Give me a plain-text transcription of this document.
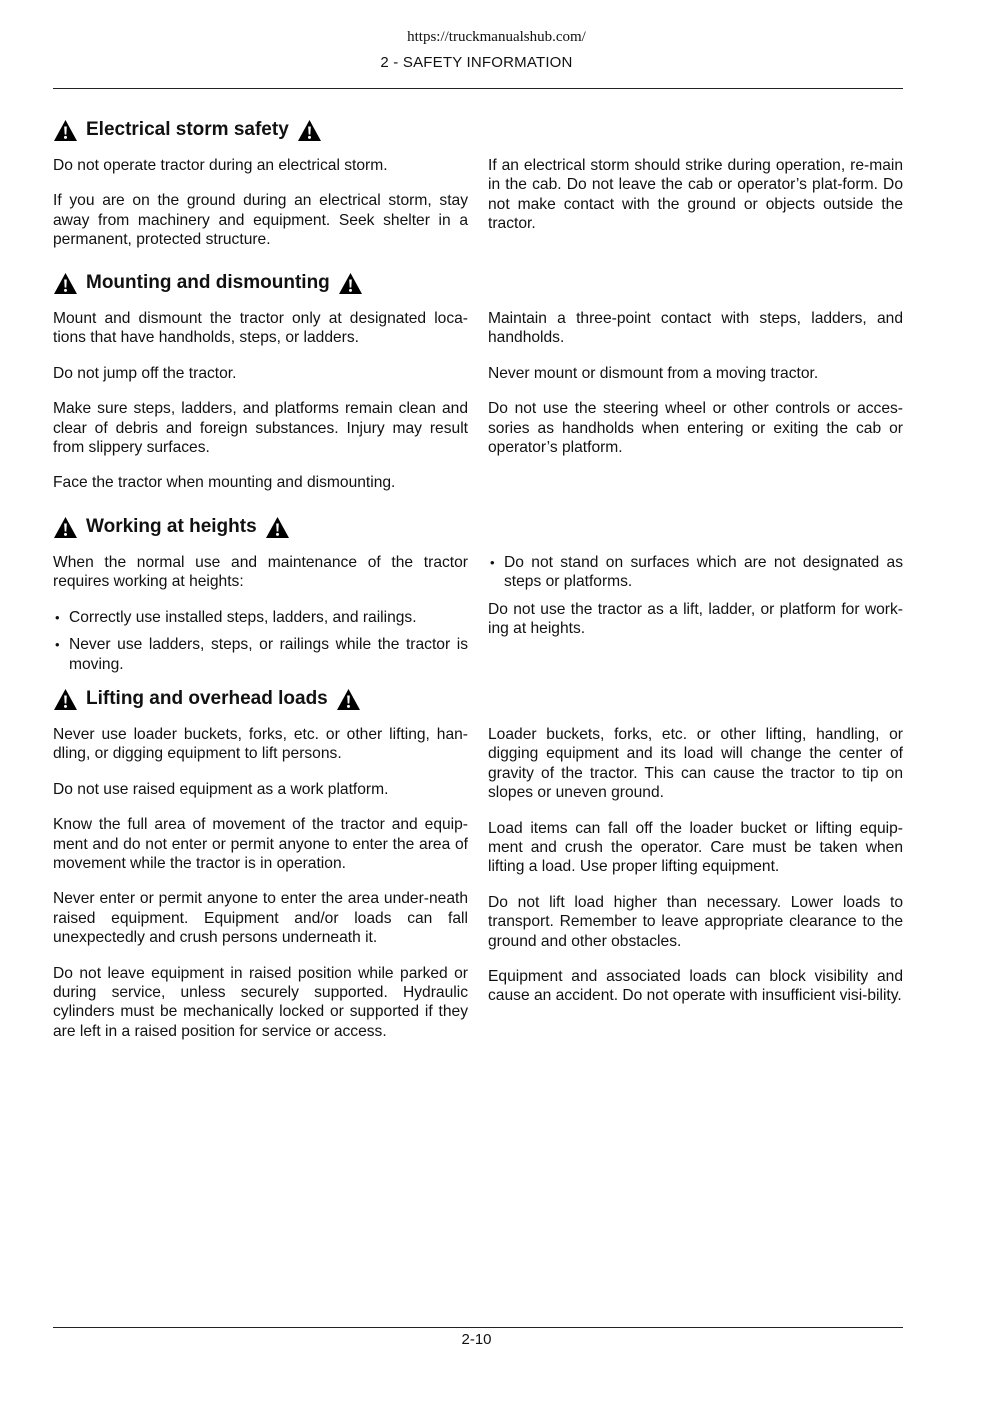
https://truckmanualshub.com/
2 - SAFETY INFORMATION
Electrical storm safety

Do not operate tractor during an electrical storm.

If you are on the ground during an electrical storm, stay away from machinery and equipment. Seek shelter in a permanent, protected structure.

If an electrical storm should strike during operation, re-main in the cab. Do not leave the cab or operator’s plat-form. Do not make contact with the ground or objects outside the tractor.

Mounting and dismounting

Mount and dismount the tractor only at designated loca-tions that have handholds, steps, or ladders.

Do not jump off the tractor.

Make sure steps, ladders, and platforms remain clean and clear of debris and foreign substances. Injury may result from slippery surfaces.

Face the tractor when mounting and dismounting.

Maintain a three-point contact with steps, ladders, and handholds.

Never mount or dismount from a moving tractor.

Do not use the steering wheel or other controls or acces-sories as handholds when entering or exiting the cab or operator’s platform.

Working at heights

When the normal use and maintenance of the tractor requires working at heights:

• Correctly use installed steps, ladders, and railings.
• Never use ladders, steps, or railings while the tractor is moving.
• Do not stand on surfaces which are not designated as steps or platforms.

Do not use the tractor as a lift, ladder, or platform for work-ing at heights.

Lifting and overhead loads

Never use loader buckets, forks, etc. or other lifting, han-dling, or digging equipment to lift persons.

Do not use raised equipment as a work platform.

Know the full area of movement of the tractor and equip-ment and do not enter or permit anyone to enter the area of movement while the tractor is in operation.

Never enter or permit anyone to enter the area under-neath raised equipment. Equipment and/or loads can fall unexpectedly and crush persons underneath it.

Do not leave equipment in raised position while parked or during service, unless securely supported. Hydraulic cylinders must be mechanically locked or supported if they are left in a raised position for service or access.

Loader buckets, forks, etc. or other lifting, handling, or digging equipment and its load will change the center of gravity of the tractor. This can cause the tractor to tip on slopes or uneven ground.

Load items can fall off the loader bucket or lifting equip-ment and crush the operator. Care must be taken when lifting a load. Use proper lifting equipment.

Do not lift load higher than necessary. Lower loads to transport. Remember to leave appropriate clearance to the ground and other obstacles.

Equipment and associated loads can block visibility and cause an accident. Do not operate with insufficient visi-bility.

2-10
